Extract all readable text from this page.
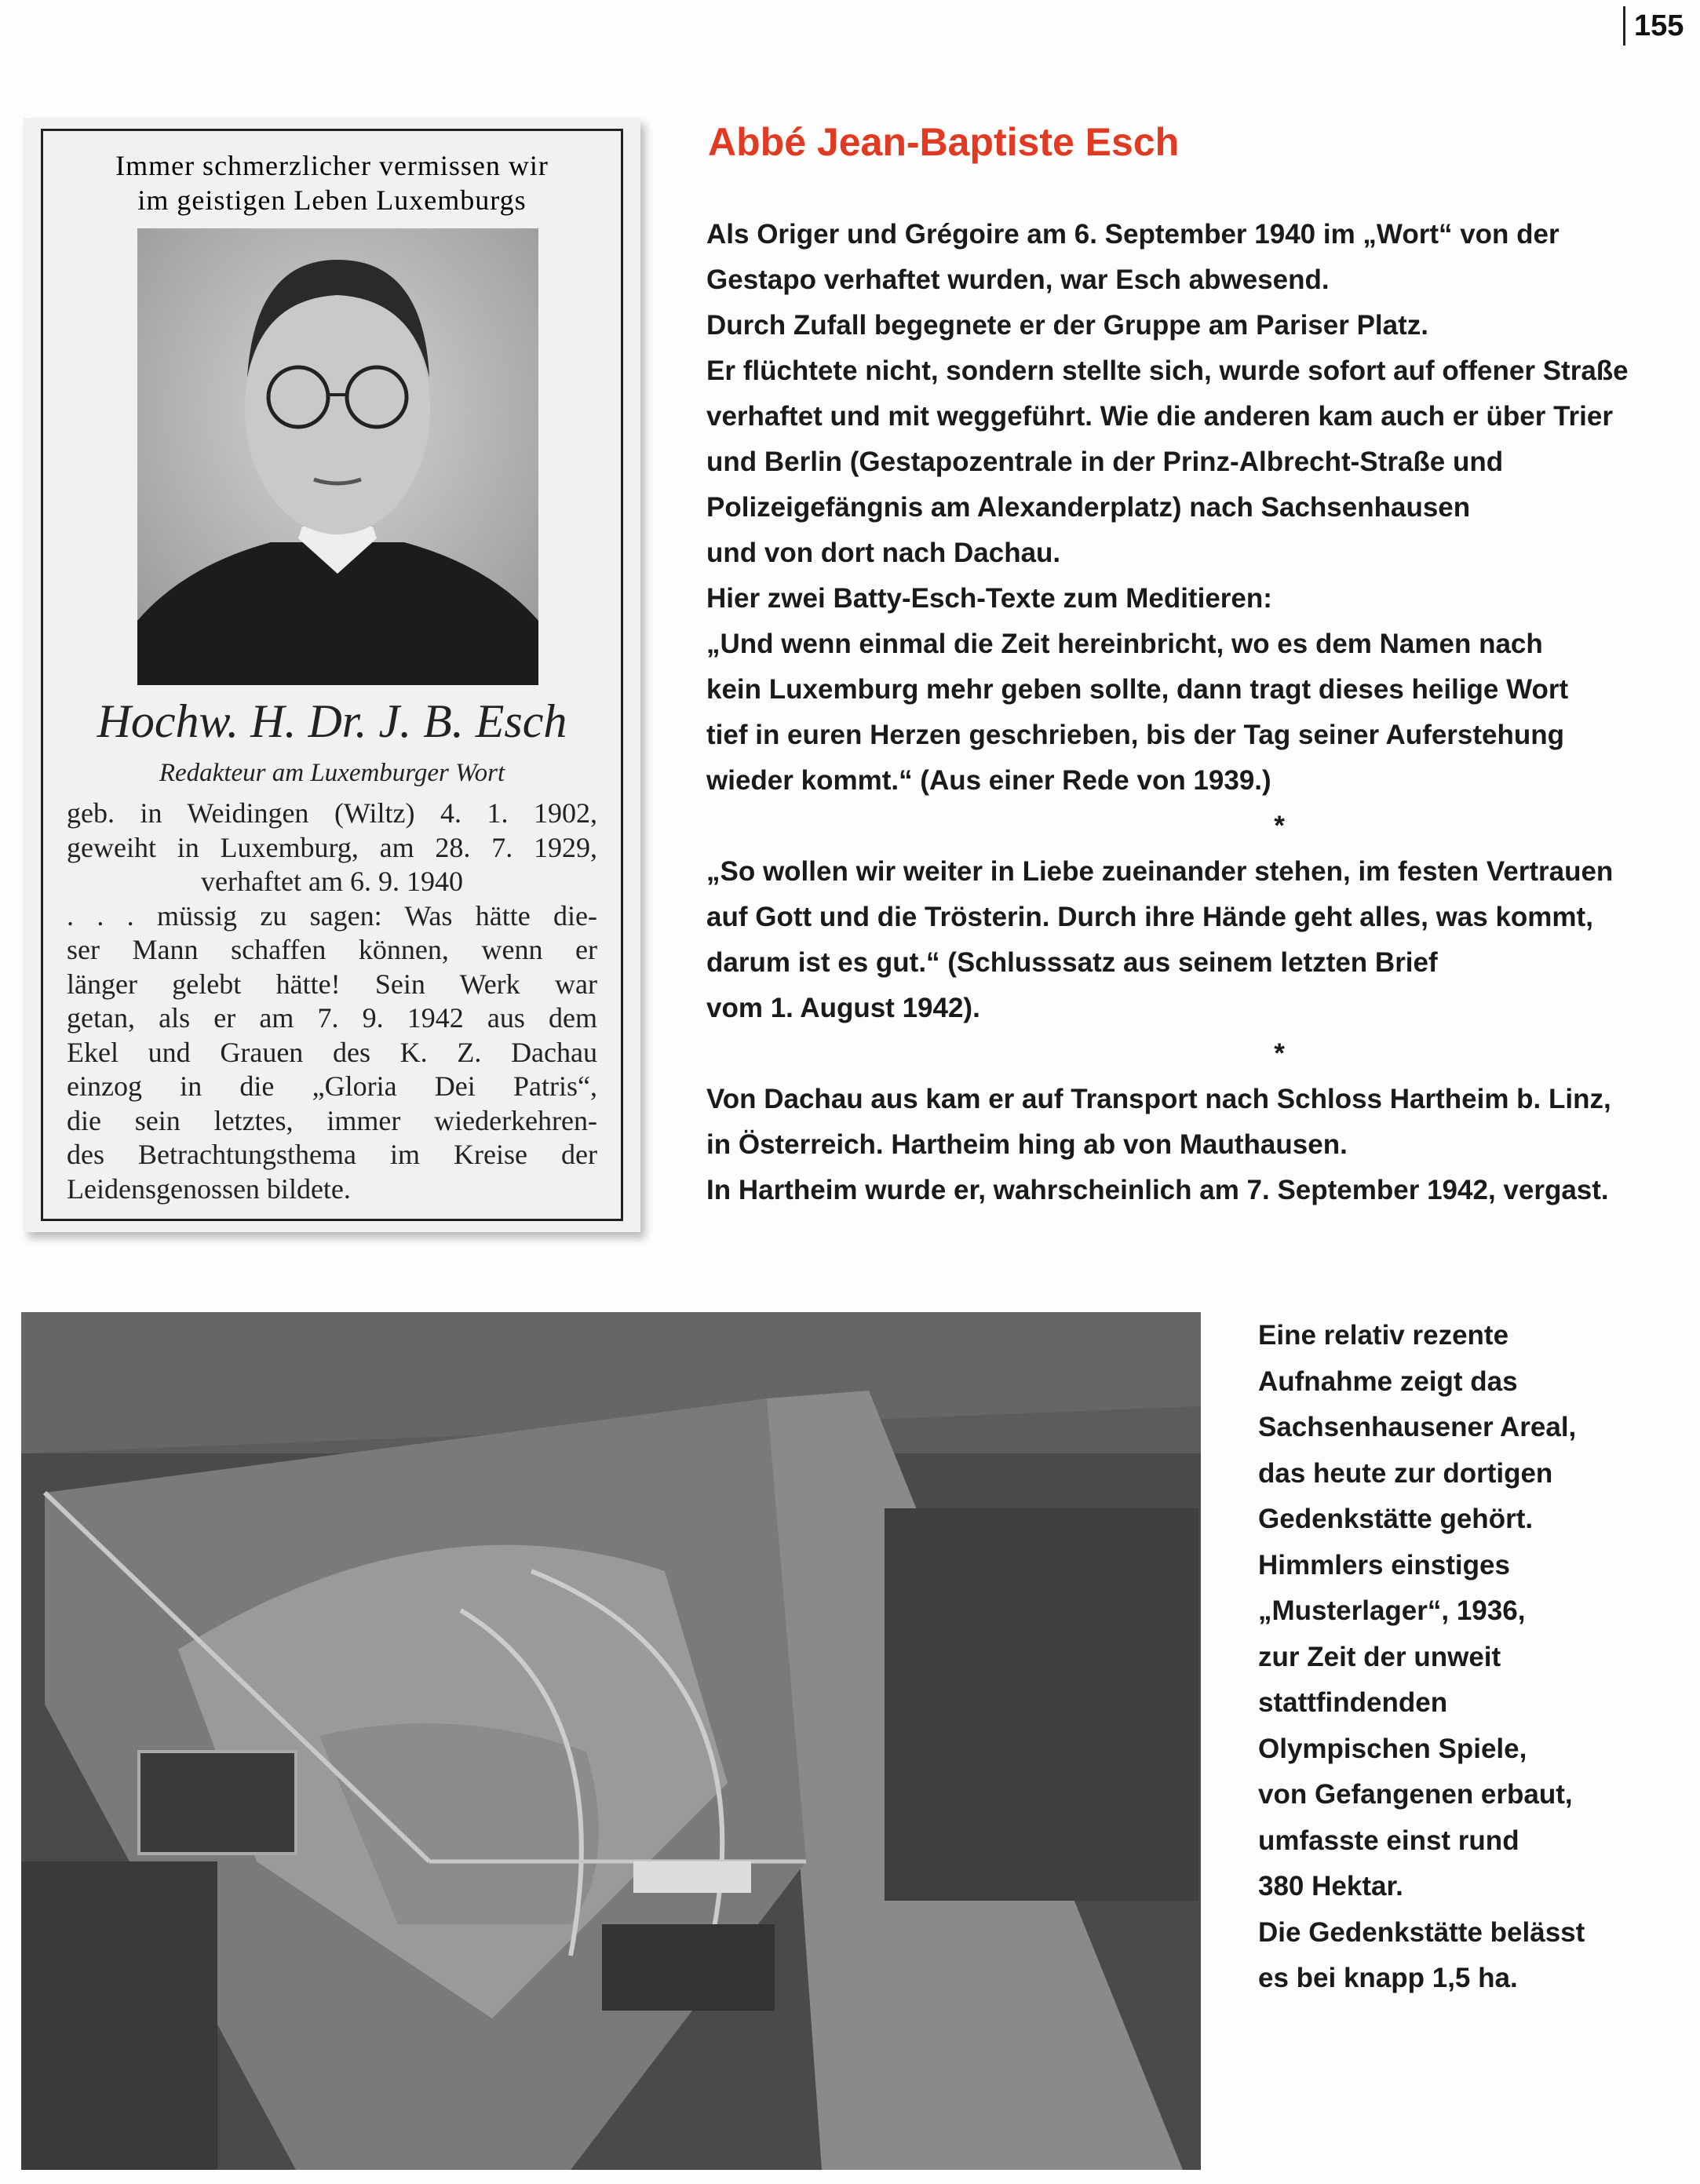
155
Immer schmerzlicher vermissen wir
im geistigen Leben Luxemburgs
Hochw. H. Dr. J. B. Esch
Redakteur am Luxemburger Wort
geb. in Weidingen (Wiltz) 4. 1. 1902,
geweiht in Luxemburg, am 28. 7. 1929,
verhaftet am 6. 9. 1940
. . . müssig zu sagen: Was hätte die-
ser Mann schaffen können, wenn er
länger gelebt hätte! Sein Werk war
getan, als er am 7. 9. 1942 aus dem
Ekel und Grauen des K. Z. Dachau
einzog in die „Gloria Dei Patris“,
die sein letztes, immer wiederkehren-
des Betrachtungsthema im Kreise der
Leidensgenossen bildete.
Abbé Jean-Baptiste Esch
Als Origer und Grégoire am 6. September 1940 im „Wort“ von der
Gestapo verhaftet wurden, war Esch abwesend.
Durch Zufall begegnete er der Gruppe am Pariser Platz.
Er flüchtete nicht, sondern stellte sich, wurde sofort auf offener Straße
verhaftet und mit weggeführt. Wie die anderen kam auch er über Trier
und Berlin (Gestapozentrale in der Prinz-Albrecht-Straße und
Polizeigefängnis am Alexanderplatz) nach Sachsenhausen
und von dort nach Dachau.
Hier zwei Batty-Esch-Texte zum Meditieren:
„Und wenn einmal die Zeit hereinbricht, wo es dem Namen nach
kein Luxemburg mehr geben sollte, dann tragt dieses heilige Wort
tief in euren Herzen geschrieben, bis der Tag seiner Auferstehung
wieder kommt.“ (Aus einer Rede von 1939.)
*
„So wollen wir weiter in Liebe zueinander stehen, im festen Vertrauen
auf Gott und die Trösterin. Durch ihre Hände geht alles, was kommt,
darum ist es gut.“ (Schlusssatz aus seinem letzten Brief
vom 1. August 1942).
*
Von Dachau aus kam er auf Transport nach Schloss Hartheim b. Linz,
in Österreich. Hartheim hing ab von Mauthausen.
In Hartheim wurde er, wahrscheinlich am 7. September 1942, vergast.
Eine relativ rezente
Aufnahme zeigt das
Sachsenhausener Areal,
das heute zur dortigen
Gedenkstätte gehört.
Himmlers einstiges
„Musterlager“, 1936,
zur Zeit der unweit
stattfindenden
Olympischen Spiele,
von Gefangenen erbaut,
umfasste einst rund
380 Hektar.
Die Gedenkstätte belässt
es bei knapp 1,5 ha.
